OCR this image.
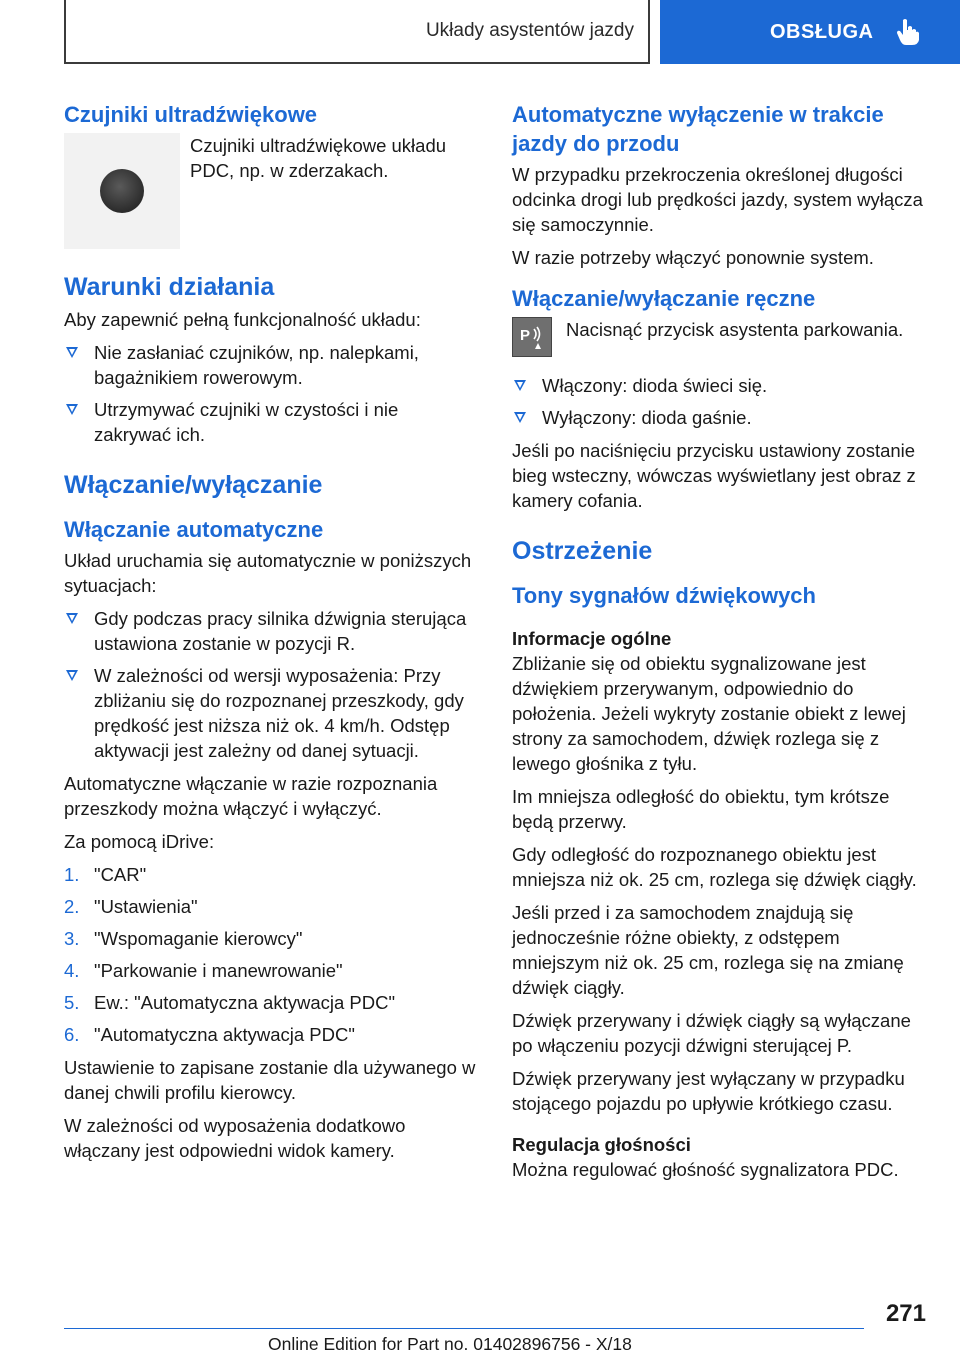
Układy asystentów jazdy	OBSŁUGA
Czujniki ultradźwiękowe
Czujniki ultradźwiękowe układu PDC, np. w zderzakach.
Warunki działania

Aby zapewnić pełną funkcjonalność układu:

Nie zasłaniać czujników, np. nalepkami, bagażnikiem rowerowym.
Utrzymywać czujniki w czystości i nie zakrywać ich.
Włączanie/wyłączanie
Włączanie automatyczne

Układ uruchamia się automatycznie w poniższych sytuacjach:

Gdy podczas pracy silnika dźwignia sterująca ustawiona zostanie w pozycji R.
W zależności od wersji wyposażenia: Przy zbliżaniu się do rozpoznanej przeszkody, gdy prędkość jest niższa niż ok. 4 km/h. Odstęp aktywacji jest zależny od danej sytuacji.

Automatyczne włączanie w razie rozpoznania przeszkody można włączyć i wyłączyć.

Za pomocą iDrive:

1. "CAR"
2. "Ustawienia"
3. "Wspomaganie kierowcy"
4. "Parkowanie i manewrowanie"
5. Ew.: "Automatyczna aktywacja PDC"
6. "Automatyczna aktywacja PDC"

Ustawienie to zapisane zostanie dla używanego w danej chwili profilu kierowcy.

W zależności od wyposażenia dodatkowo włączany jest odpowiedni widok kamery.

Automatyczne wyłączenie w trakcie jazdy do przodu

W przypadku przekroczenia określonej długości odcinka drogi lub prędkości jazdy, system wyłącza się samoczynnie.

W razie potrzeby włączyć ponownie system.

Włączanie/wyłączanie ręczne
P Nacisnąć przycisk asystenta parkowania.
Włączony: dioda świeci się.
Wyłączony: dioda gaśnie.

Jeśli po naciśnięciu przycisku ustawiony zostanie bieg wsteczny, wówczas wyświetlany jest obraz z kamery cofania.

Ostrzeżenie
Tony sygnałów dźwiękowych
Informacje ogólne

Zbliżanie się od obiektu sygnalizowane jest dźwiękiem przerywanym, odpowiednio do położenia. Jeżeli wykryty zostanie obiekt z lewej strony za samochodem, dźwięk rozlega się z lewego głośnika z tyłu.

Im mniejsza odległość do obiektu, tym krótsze będą przerwy.

Gdy odległość do rozpoznanego obiektu jest mniejsza niż ok. 25 cm, rozlega się dźwięk ciągły.

Jeśli przed i za samochodem znajdują się jednocześnie różne obiekty, z odstępem mniejszym niż ok. 25 cm, rozlega się na zmianę dźwięk ciągły.

Dźwięk przerywany i dźwięk ciągły są wyłączane po włączeniu pozycji dźwigni sterującej P.

Dźwięk przerywany jest wyłączany w przypadku stojącego pojazdu po upływie krótkiego czasu.

Regulacja głośności

Można regulować głośność sygnalizatora PDC.

271
Online Edition for Part no. 01402896756 - X/18
